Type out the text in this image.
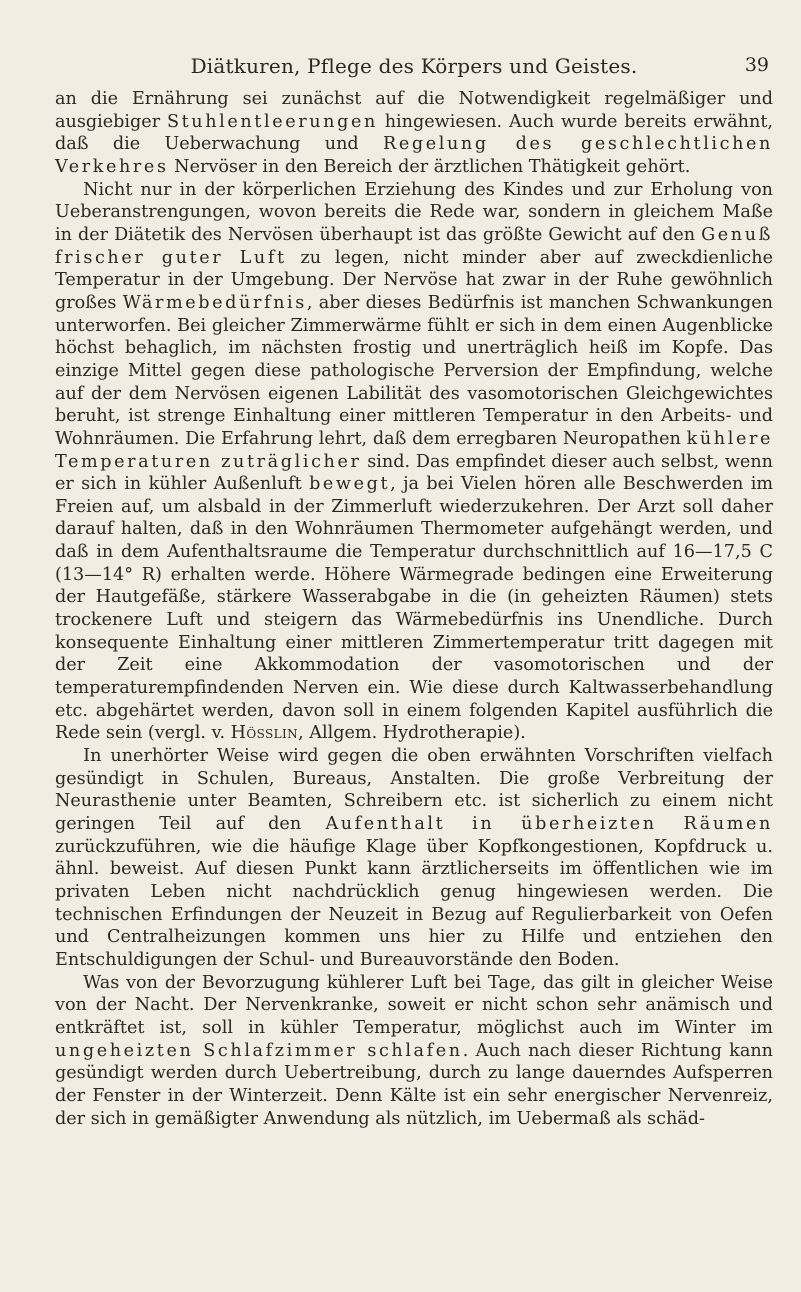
Diätkuren, Pflege des Körpers und Geistes.	39

an die Ernährung sei zunächst auf die Notwendigkeit regelmäßiger und ausgiebiger Stuhlentleerungen hingewiesen. Auch wurde bereits erwähnt, daß die Ueberwachung und Regelung des geschlechtlichen Verkehres Nervöser in den Bereich der ärztlichen Thätigkeit gehört.

Nicht nur in der körperlichen Erziehung des Kindes und zur Erholung von Ueberanstrengungen, wovon bereits die Rede war, sondern in gleichem Maße in der Diätetik des Nervösen überhaupt ist das größte Gewicht auf den Genuß frischer guter Luft zu legen, nicht minder aber auf zweckdienliche Temperatur in der Umgebung. Der Nervöse hat zwar in der Ruhe gewöhnlich großes Wärmebedürfnis, aber dieses Bedürfnis ist manchen Schwankungen unterworfen. Bei gleicher Zimmerwärme fühlt er sich in dem einen Augenblicke höchst behaglich, im nächsten frostig und unerträglich heiß im Kopfe. Das einzige Mittel gegen diese pathologische Perversion der Empfindung, welche auf der dem Nervösen eigenen Labilität des vasomotorischen Gleichgewichtes beruht, ist strenge Einhaltung einer mittleren Temperatur in den Arbeits- und Wohnräumen. Die Erfahrung lehrt, daß dem erregbaren Neuropathen kühlere Temperaturen zuträglicher sind. Das empfindet dieser auch selbst, wenn er sich in kühler Außenluft bewegt, ja bei Vielen hören alle Beschwerden im Freien auf, um alsbald in der Zimmerluft wiederzukehren. Der Arzt soll daher darauf halten, daß in den Wohnräumen Thermometer aufgehängt werden, und daß in dem Aufenthaltsraume die Temperatur durchschnittlich auf 16—17,5 C (13—14° R) erhalten werde. Höhere Wärmegrade bedingen eine Erweiterung der Hautgefäße, stärkere Wasserabgabe in die (in geheizten Räumen) stets trockenere Luft und steigern das Wärmebedürfnis ins Unendliche. Durch konsequente Einhaltung einer mittleren Zimmertemperatur tritt dagegen mit der Zeit eine Akkommodation der vasomotorischen und der temperaturempfindenden Nerven ein. Wie diese durch Kaltwasserbehandlung etc. abgehärtet werden, davon soll in einem folgenden Kapitel ausführlich die Rede sein (vergl. v. Hösslin, Allgem. Hydrotherapie).

In unerhörter Weise wird gegen die oben erwähnten Vorschriften vielfach gesündigt in Schulen, Bureaus, Anstalten. Die große Verbreitung der Neurasthenie unter Beamten, Schreibern etc. ist sicherlich zu einem nicht geringen Teil auf den Aufenthalt in überheizten Räumen zurückzuführen, wie die häufige Klage über Kopfkongestionen, Kopfdruck u. ähnl. beweist. Auf diesen Punkt kann ärztlicherseits im öffentlichen wie im privaten Leben nicht nachdrücklich genug hingewiesen werden. Die technischen Erfindungen der Neuzeit in Bezug auf Regulierbarkeit von Oefen und Centralheizungen kommen uns hier zu Hilfe und entziehen den Entschuldigungen der Schul- und Bureauvorstände den Boden.

Was von der Bevorzugung kühlerer Luft bei Tage, das gilt in gleicher Weise von der Nacht. Der Nervenkranke, soweit er nicht schon sehr anämisch und entkräftet ist, soll in kühler Temperatur, möglichst auch im Winter im ungeheizten Schlafzimmer schlafen. Auch nach dieser Richtung kann gesündigt werden durch Uebertreibung, durch zu lange dauerndes Aufsperren der Fenster in der Winterzeit. Denn Kälte ist ein sehr energischer Nervenreiz, der sich in gemäßigter Anwendung als nützlich, im Uebermaß als schäd-
